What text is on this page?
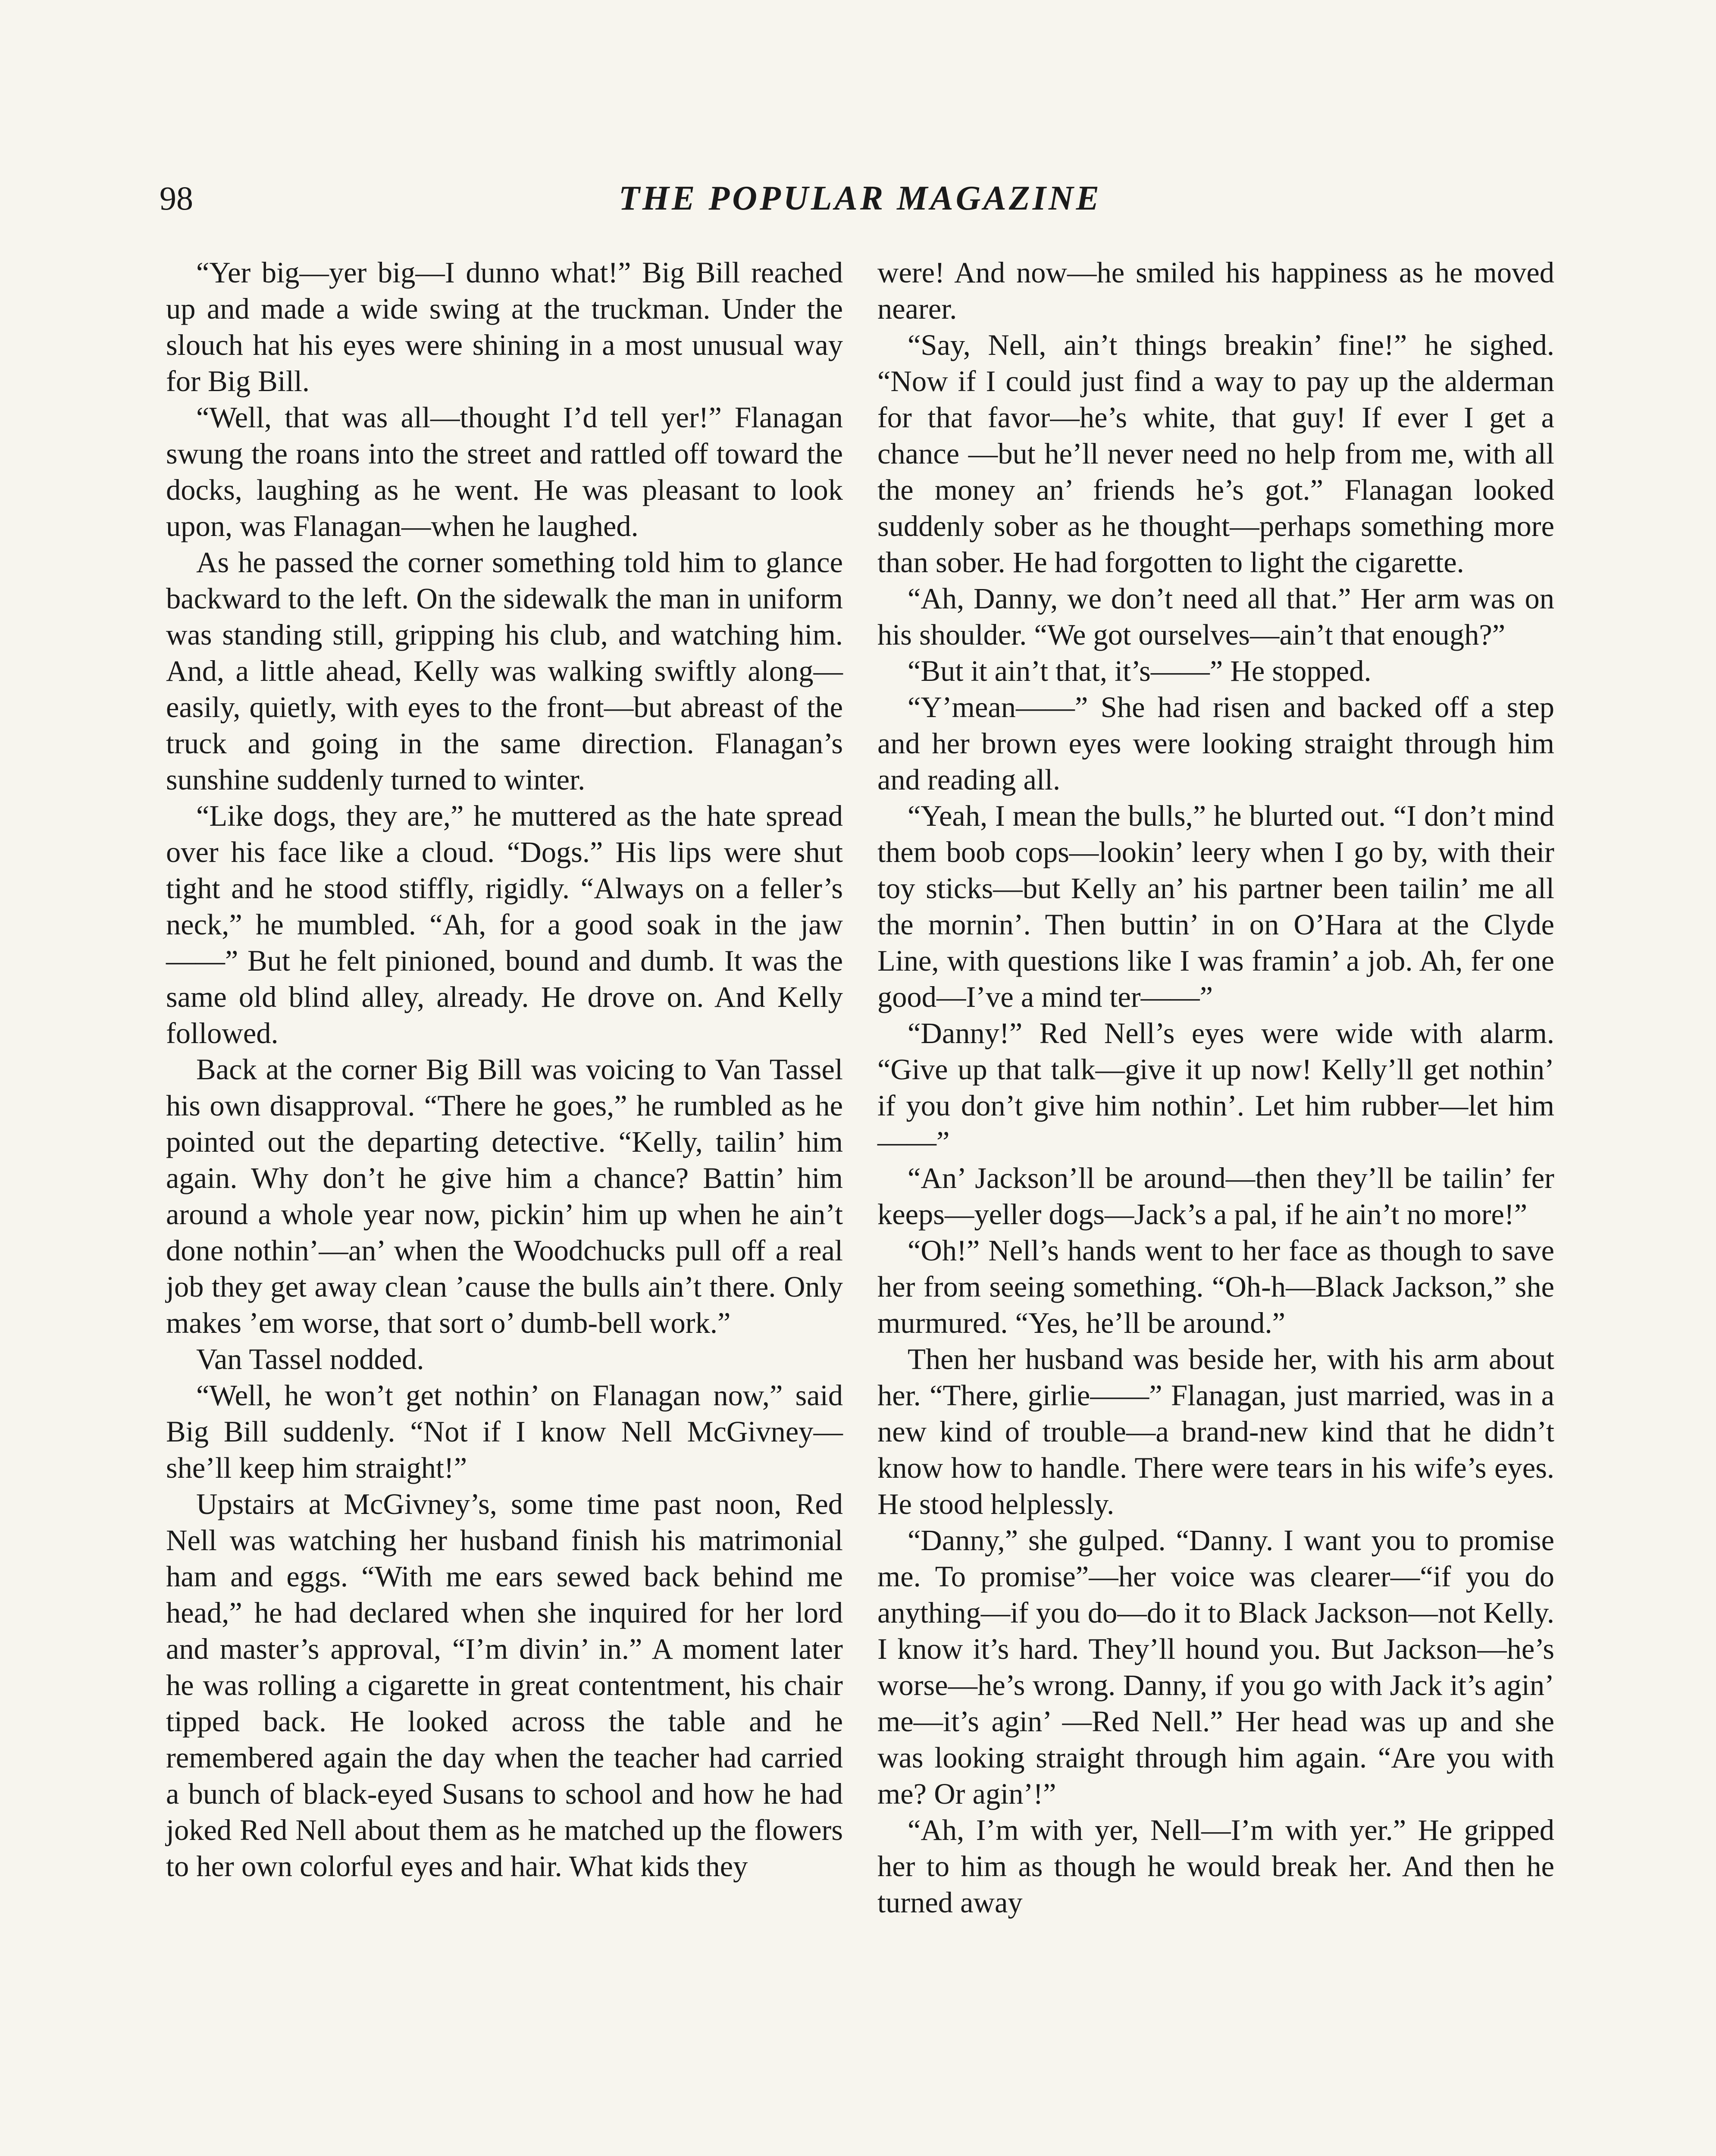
98	THE POPULAR MAGAZINE

“Yer big—yer big—I dunno what!” Big Bill reached up and made a wide swing at the truckman. Under the slouch hat his eyes were shining in a most unusual way for Big Bill.

“Well, that was all—thought I’d tell yer!” Flanagan swung the roans into the street and rattled off toward the docks, laughing as he went. He was pleasant to look upon, was Flanagan—when he laughed.

As he passed the corner something told him to glance backward to the left. On the sidewalk the man in uniform was standing still, gripping his club, and watching him. And, a little ahead, Kelly was walking swiftly along—easily, quietly, with eyes to the front—but abreast of the truck and going in the same direction. Flanagan’s sunshine suddenly turned to winter.

“Like dogs, they are,” he muttered as the hate spread over his face like a cloud. “Dogs.” His lips were shut tight and he stood stiffly, rigidly. “Always on a feller’s neck,” he mumbled. “Ah, for a good soak in the jaw——” But he felt pinioned, bound and dumb. It was the same old blind alley, already. He drove on. And Kelly followed.

Back at the corner Big Bill was voicing to Van Tassel his own disapproval. “There he goes,” he rumbled as he pointed out the departing detective. “Kelly, tailin’ him again. Why don’t he give him a chance? Battin’ him around a whole year now, pickin’ him up when he ain’t done nothin’—an’ when the Woodchucks pull off a real job they get away clean ’cause the bulls ain’t there. Only makes ’em worse, that sort o’ dumb-bell work.”

Van Tassel nodded.

“Well, he won’t get nothin’ on Flanagan now,” said Big Bill suddenly. “Not if I know Nell McGivney—she’ll keep him straight!”

Upstairs at McGivney’s, some time past noon, Red Nell was watching her husband finish his matrimonial ham and eggs. “With me ears sewed back behind me head,” he had declared when she inquired for her lord and master’s approval, “I’m divin’ in.” A moment later he was rolling a cigarette in great contentment, his chair tipped back. He looked across the table and he remembered again the day when the teacher had carried a bunch of black-eyed Susans to school and how he had joked Red Nell about them as he matched up the flowers to her own colorful eyes and hair. What kids they

were! And now—he smiled his happiness as he moved nearer.

“Say, Nell, ain’t things breakin’ fine!” he sighed. “Now if I could just find a way to pay up the alderman for that favor—he’s white, that guy! If ever I get a chance —but he’ll never need no help from me, with all the money an’ friends he’s got.” Flanagan looked suddenly sober as he thought—perhaps something more than sober. He had forgotten to light the cigarette.

“Ah, Danny, we don’t need all that.” Her arm was on his shoulder. “We got ourselves—ain’t that enough?”

“But it ain’t that, it’s——” He stopped.

“Y’mean——” She had risen and backed off a step and her brown eyes were looking straight through him and reading all.

“Yeah, I mean the bulls,” he blurted out. “I don’t mind them boob cops—lookin’ leery when I go by, with their toy sticks—but Kelly an’ his partner been tailin’ me all the mornin’. Then buttin’ in on O’Hara at the Clyde Line, with questions like I was framin’ a job. Ah, fer one good—I’ve a mind ter——”

“Danny!” Red Nell’s eyes were wide with alarm. “Give up that talk—give it up now! Kelly’ll get nothin’ if you don’t give him nothin’. Let him rubber—let him——”

“An’ Jackson’ll be around—then they’ll be tailin’ fer keeps—yeller dogs—Jack’s a pal, if he ain’t no more!”

“Oh!” Nell’s hands went to her face as though to save her from seeing something. “Oh-h—Black Jackson,” she murmured. “Yes, he’ll be around.”

Then her husband was beside her, with his arm about her. “There, girlie——” Flanagan, just married, was in a new kind of trouble—a brand-new kind that he didn’t know how to handle. There were tears in his wife’s eyes. He stood helplessly.

“Danny,” she gulped. “Danny. I want you to promise me. To promise”—her voice was clearer—“if you do anything—if you do—do it to Black Jackson—not Kelly. I know it’s hard. They’ll hound you. But Jackson—he’s worse—he’s wrong. Danny, if you go with Jack it’s agin’ me—it’s agin’ —Red Nell.” Her head was up and she was looking straight through him again. “Are you with me? Or agin’!”

“Ah, I’m with yer, Nell—I’m with yer.” He gripped her to him as though he would break her. And then he turned away
